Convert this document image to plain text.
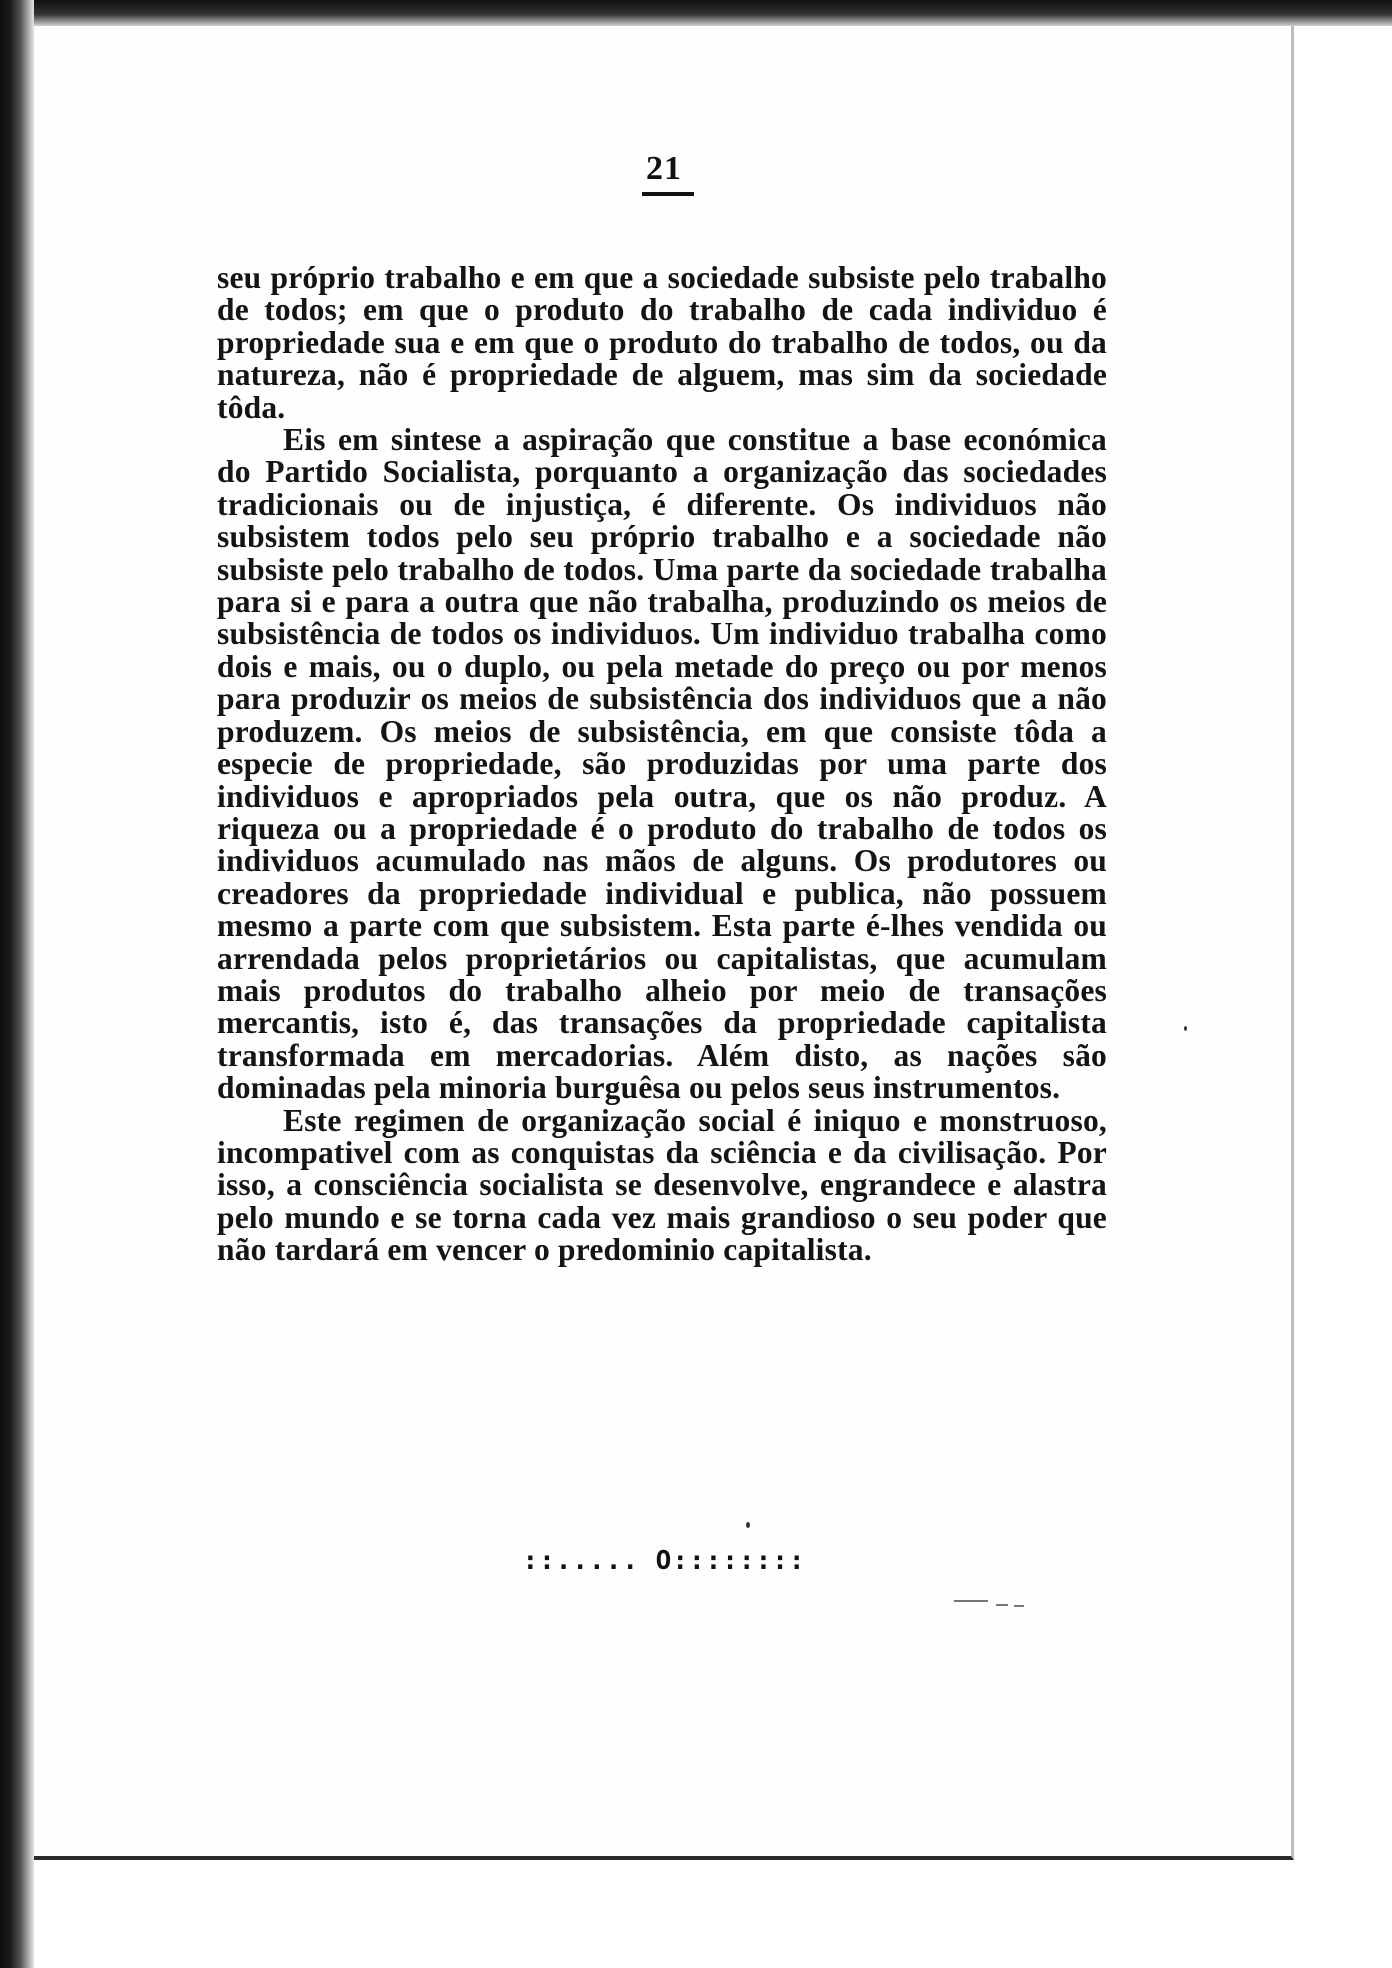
21

seu próprio trabalho e em que a sociedade subsiste pelo trabalho de todos; em que o produto do trabalho de cada individuo é propriedade sua e em que o produto do trabalho de todos, ou da natureza, não é propriedade de alguem, mas sim da sociedade tôda.

Eis em sintese a aspiração que constitue a base económica do Partido Socialista, porquanto a organização das sociedades tradicionais ou de injustiça, é diferente. Os individuos não subsistem todos pelo seu próprio trabalho e a sociedade não subsiste pelo trabalho de todos. Uma parte da sociedade trabalha para si e para a outra que não trabalha, produzindo os meios de subsistência de todos os individuos. Um individuo trabalha como dois e mais, ou o duplo, ou pela metade do preço ou por menos para produzir os meios de subsistência dos individuos que a não produzem. Os meios de subsistência, em que consiste tôda a especie de propriedade, são produzidas por uma parte dos individuos e apropriados pela outra, que os não produz. A riqueza ou a propriedade é o produto do trabalho de todos os individuos acumulado nas mãos de alguns. Os produtores ou creadores da propriedade individual e publica, não possuem mesmo a parte com que subsistem. Esta parte é-lhes vendida ou arrendada pelos proprietários ou capitalistas, que acumulam mais produtos do trabalho alheio por meio de transações mercantis, isto é, das transações da propriedade capitalista transformada em mercadorias. Além disto, as nações são dominadas pela minoria burguêsa ou pelos seus instrumentos.

Este regimen de organização social é iniquo e monstruoso, incompativel com as conquistas da sciência e da civilisação. Por isso, a consciência socialista se desenvolve, engrandece e alastra pelo mundo e se torna cada vez mais grandioso o seu poder que não tardará em vencer o predominio capitalista.

::..... O::::::::
